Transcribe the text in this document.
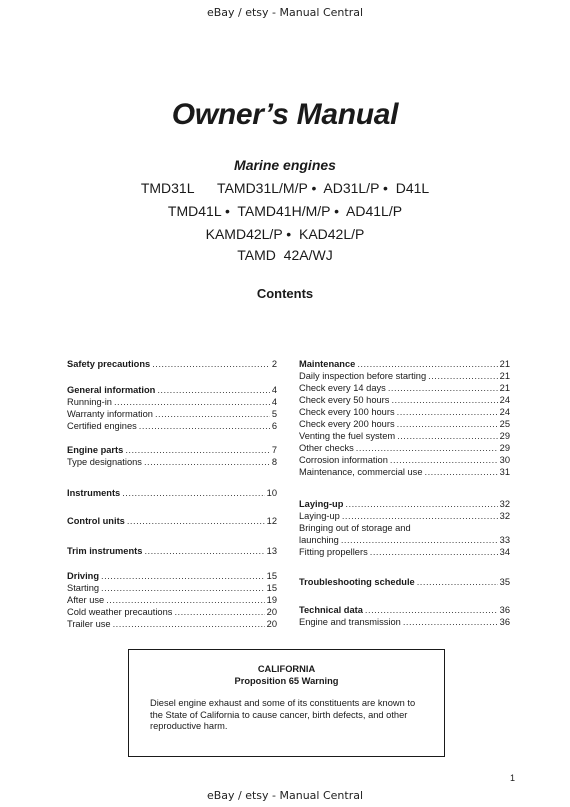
eBay / etsy - Manual Central
Owner’s Manual
Marine engines
TMD31L      TAMD31L/M/P •  AD31L/P •  D41L
TMD41L •  TAMD41H/M/P •  AD41L/P
KAMD42L/P •  KAD42L/P
TAMD  42A/WJ
Contents
Safety precautions .....	2
General information .....	4
Running-in .....	4
Warranty information .....	5
Certified engines .....	6
Engine parts .....	7
Type designations .....	8
Instruments .....	10
Control units .....	12
Trim instruments .....	13
Driving .....	15
Starting .....	15
After use .....	19
Cold weather precautions .....	20
Trailer use .....	20
Maintenance .....	21
Daily inspection before starting .....	21
Check every 14 days .....	21
Check every 50 hours .....	24
Check every 100 hours .....	24
Check every 200 hours .....	25
Venting the fuel system .....	29
Other checks .....	29
Corrosion information .....	30
Maintenance, commercial use .....	31
Laying-up .....	32
Laying-up .....	32
Bringing out of storage and
launching .....	33
Fitting propellers .....	34
Troubleshooting schedule .....	35
Technical data .....	36
Engine and transmission .....	36
CALIFORNIA
Proposition 65 Warning
Diesel engine exhaust and some of its constituents are known to the State of California to cause cancer, birth defects, and other reproductive harm.
1
eBay / etsy - Manual Central
